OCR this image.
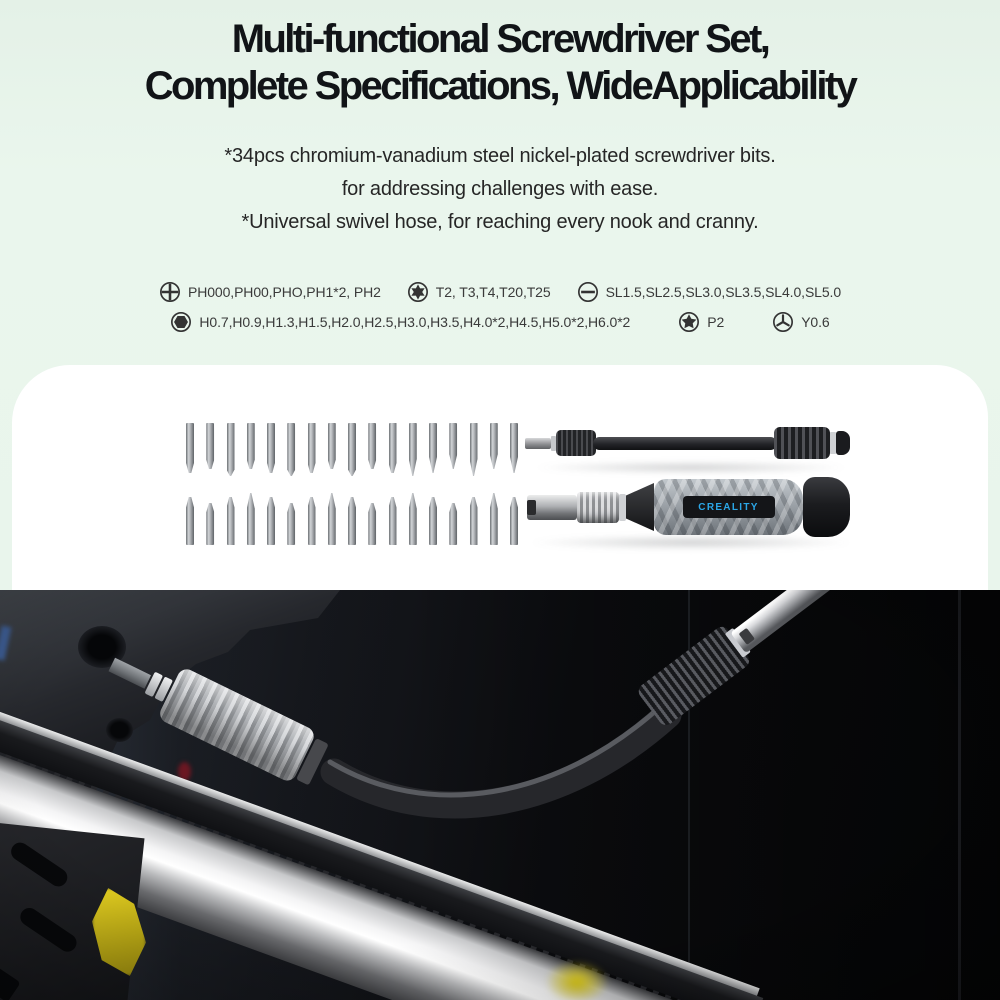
Multi-functional Screwdriver Set,
Complete Specifications, WideApplicability
*34pcs chromium-vanadium steel nickel-plated screwdriver bits.
for addressing challenges with ease.
*Universal swivel hose, for reaching every nook and cranny.
PH000,PH00,PHO,PH1*2, PH2	T2, T3,T4,T20,T25	SL1.5,SL2.5,SL3.0,SL3.5,SL4.0,SL5.0
H0.7,H0.9,H1.3,H1.5,H2.0,H2.5,H3.0,H3.5,H4.0*2,H4.5,H5.0*2,H6.0*2	P2	Y0.6
CREALITY
